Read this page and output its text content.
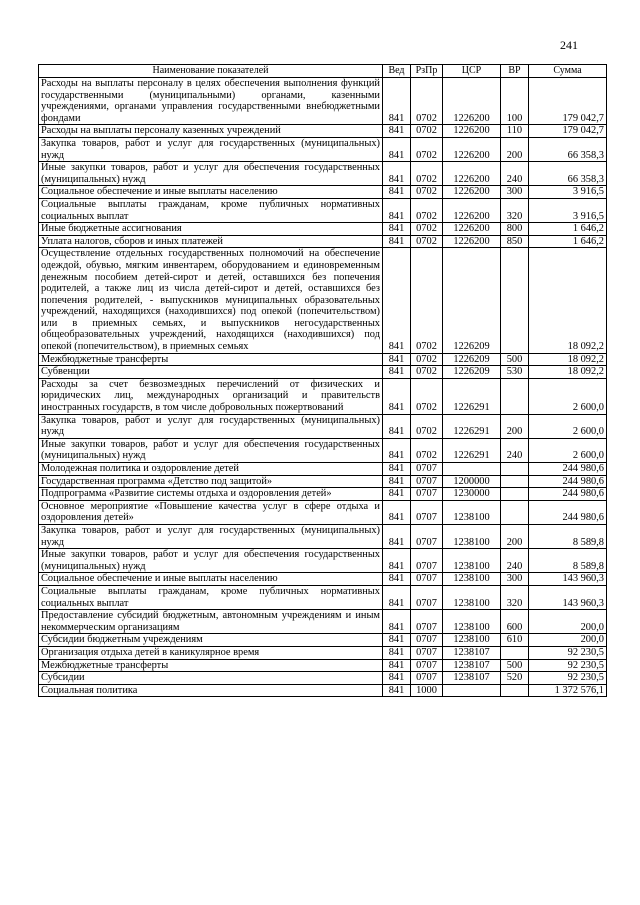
241
Наименование показателей	Вед	РзПр	ЦСР	ВР	Сумма
Расходы на выплаты персоналу в целях обеспечения выполнения функций государственными (муниципальными) органами, казенными учреждениями, органами управления государственными внебюджетными фондами	841	0702	1226200	100	179 042,7
Расходы на выплаты персоналу казенных учреждений	841	0702	1226200	110	179 042,7
Закупка товаров, работ и услуг для государственных (муниципальных) нужд	841	0702	1226200	200	66 358,3
Иные закупки товаров, работ и услуг для обеспечения государственных (муниципальных) нужд	841	0702	1226200	240	66 358,3
Социальное обеспечение и иные выплаты населению	841	0702	1226200	300	3 916,5
Социальные выплаты гражданам, кроме публичных нормативных социальных выплат	841	0702	1226200	320	3 916,5
Иные бюджетные ассигнования	841	0702	1226200	800	1 646,2
Уплата налогов, сборов и иных платежей	841	0702	1226200	850	1 646,2
Осуществление отдельных государственных полномочий на обеспечение одеждой, обувью, мягким инвентарем, оборудованием и единовременным денежным пособием детей-сирот и детей, оставшихся без попечения родителей, а также лиц из числа детей-сирот и детей, оставшихся без попечения родителей, - выпускников муниципальных образовательных учреждений, находящихся (находившихся) под опекой (попечительством) или в приемных семьях, и выпускников негосударственных общеобразовательных учреждений, находящихся (находившихся) под опекой (попечительством), в приемных семьях	841	0702	1226209		18 092,2
Межбюджетные трансферты	841	0702	1226209	500	18 092,2
Субвенции	841	0702	1226209	530	18 092,2
Расходы за счет безвозмездных перечислений от физических и юридических лиц, международных организаций и правительств иностранных государств, в том числе добровольных пожертвований	841	0702	1226291		2 600,0
Закупка товаров, работ и услуг для государственных (муниципальных) нужд	841	0702	1226291	200	2 600,0
Иные закупки товаров, работ и услуг для обеспечения государственных (муниципальных) нужд	841	0702	1226291	240	2 600,0
Молодежная политика и оздоровление детей	841	0707			244 980,6
Государственная программа «Детство под защитой»	841	0707	1200000		244 980,6
Подпрограмма «Развитие системы отдыха и оздоровления детей»	841	0707	1230000		244 980,6
Основное мероприятие «Повышение качества услуг в сфере отдыха и оздоровления детей»	841	0707	1238100		244 980,6
Закупка товаров, работ и услуг для государственных (муниципальных) нужд	841	0707	1238100	200	8 589,8
Иные закупки товаров, работ и услуг для обеспечения государственных (муниципальных) нужд	841	0707	1238100	240	8 589,8
Социальное обеспечение и иные выплаты населению	841	0707	1238100	300	143 960,3
Социальные выплаты гражданам, кроме публичных нормативных социальных выплат	841	0707	1238100	320	143 960,3
Предоставление субсидий бюджетным, автономным учреждениям и иным некоммерческим организациям	841	0707	1238100	600	200,0
Субсидии бюджетным учреждениям	841	0707	1238100	610	200,0
Организация отдыха детей в каникулярное время	841	0707	1238107		92 230,5
Межбюджетные трансферты	841	0707	1238107	500	92 230,5
Субсидии	841	0707	1238107	520	92 230,5
Социальная политика	841	1000			1 372 576,1
